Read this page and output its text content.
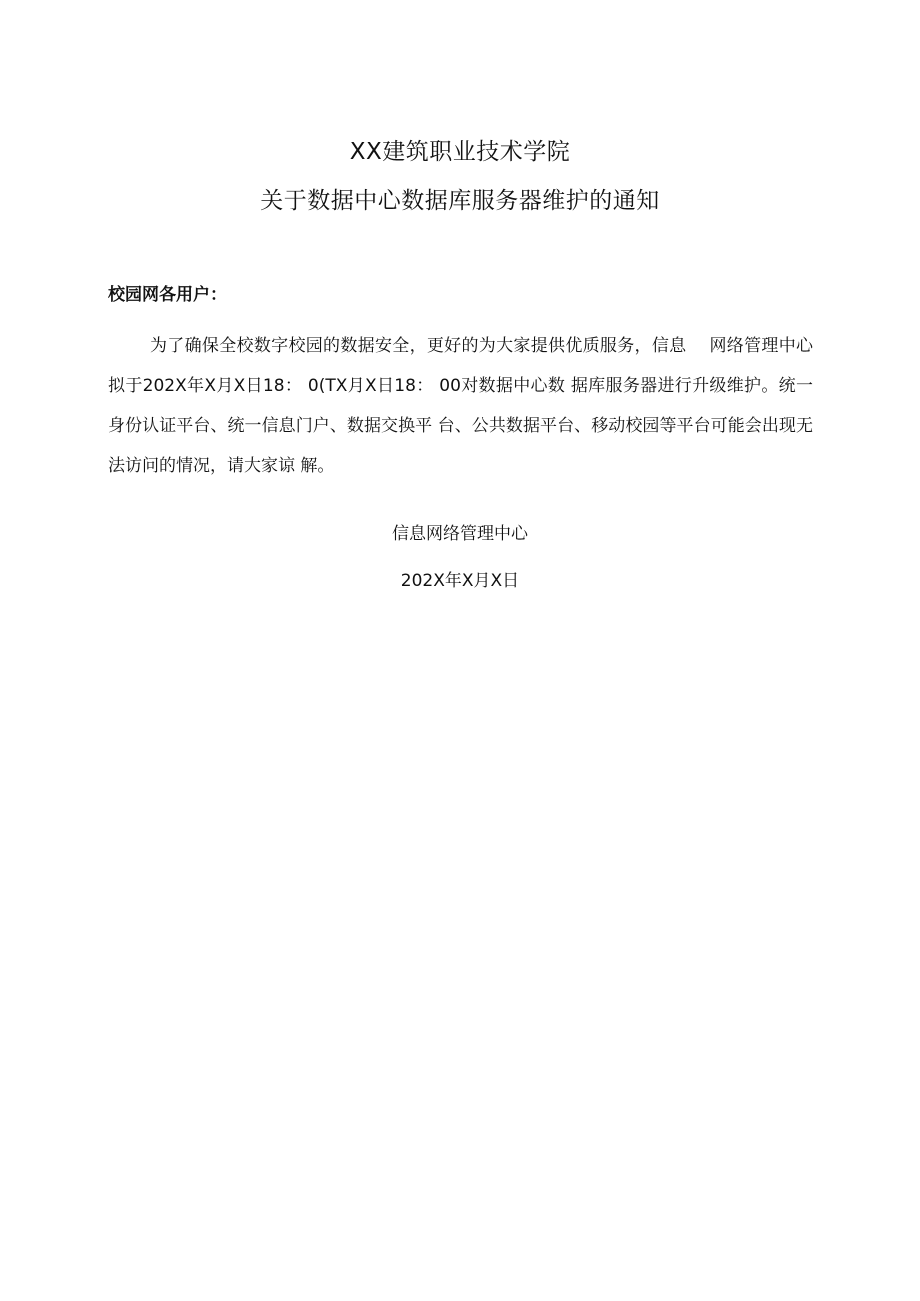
XX建筑职业技术学院
关于数据中心数据库服务器维护的通知
校园网各用户：
为了确保全校数字校园的数据安全，更好的为大家提供优质服务，信息　 网络管理中心拟于202X年X月X日18： 0(TX月X日18： 00对数据中心数 据库服务器进行升级维护。统一身份认证平台、统一信息门户、数据交换平 台、公共数据平台、移动校园等平台可能会出现无法访问的情况，请大家谅 解。
信息网络管理中心
202X年X月X日
